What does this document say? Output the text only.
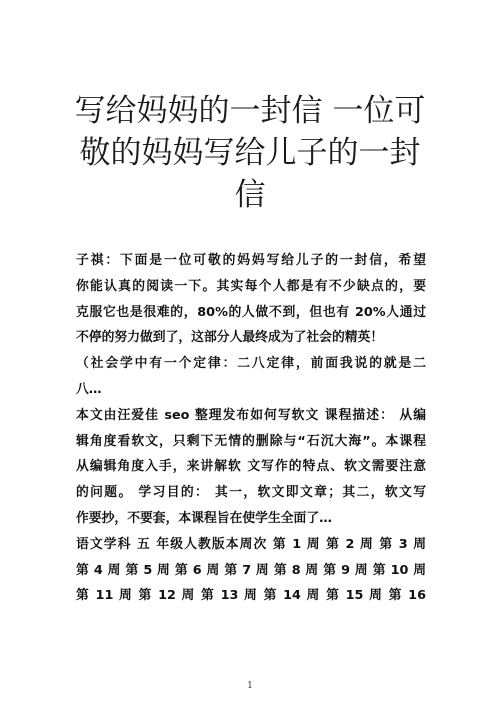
写给妈妈的一封信 一位可
敬的妈妈写给儿子的一封
信
子祺：下面是一位可敬的妈妈写给儿子的一封信，希望
你能认真的阅读一下。其实每个人都是有不少缺点的，要
克服它也是很难的，80%的人做不到，但也有 20%人通过
不停的努力做到了，这部分人最终成为了社会的精英！
（社会学中有一个定律：二八定律，前面我说的就是二
八…
本文由汪爱佳 seo 整理发布如何写软文 课程描述： 从编
辑角度看软文，只剩下无情的删除与“石沉大海”。本课程
从编辑角度入手，来讲解软 文写作的特点、软文需要注意
的问题。 学习目的： 其一，软文即文章；其二，软文写
作要抄，不要套，本课程旨在使学生全面了…
语文学科 五 年级人教版本周次 第 1 周 第 2 周 第 3 周
第 4 周 第 5 周 第 6 周 第 7 周 第 8 周 第 9 周 第 10 周
第 11 周 第 12 周 第 13 周 第 14 周 第 15 周 第 16
1
